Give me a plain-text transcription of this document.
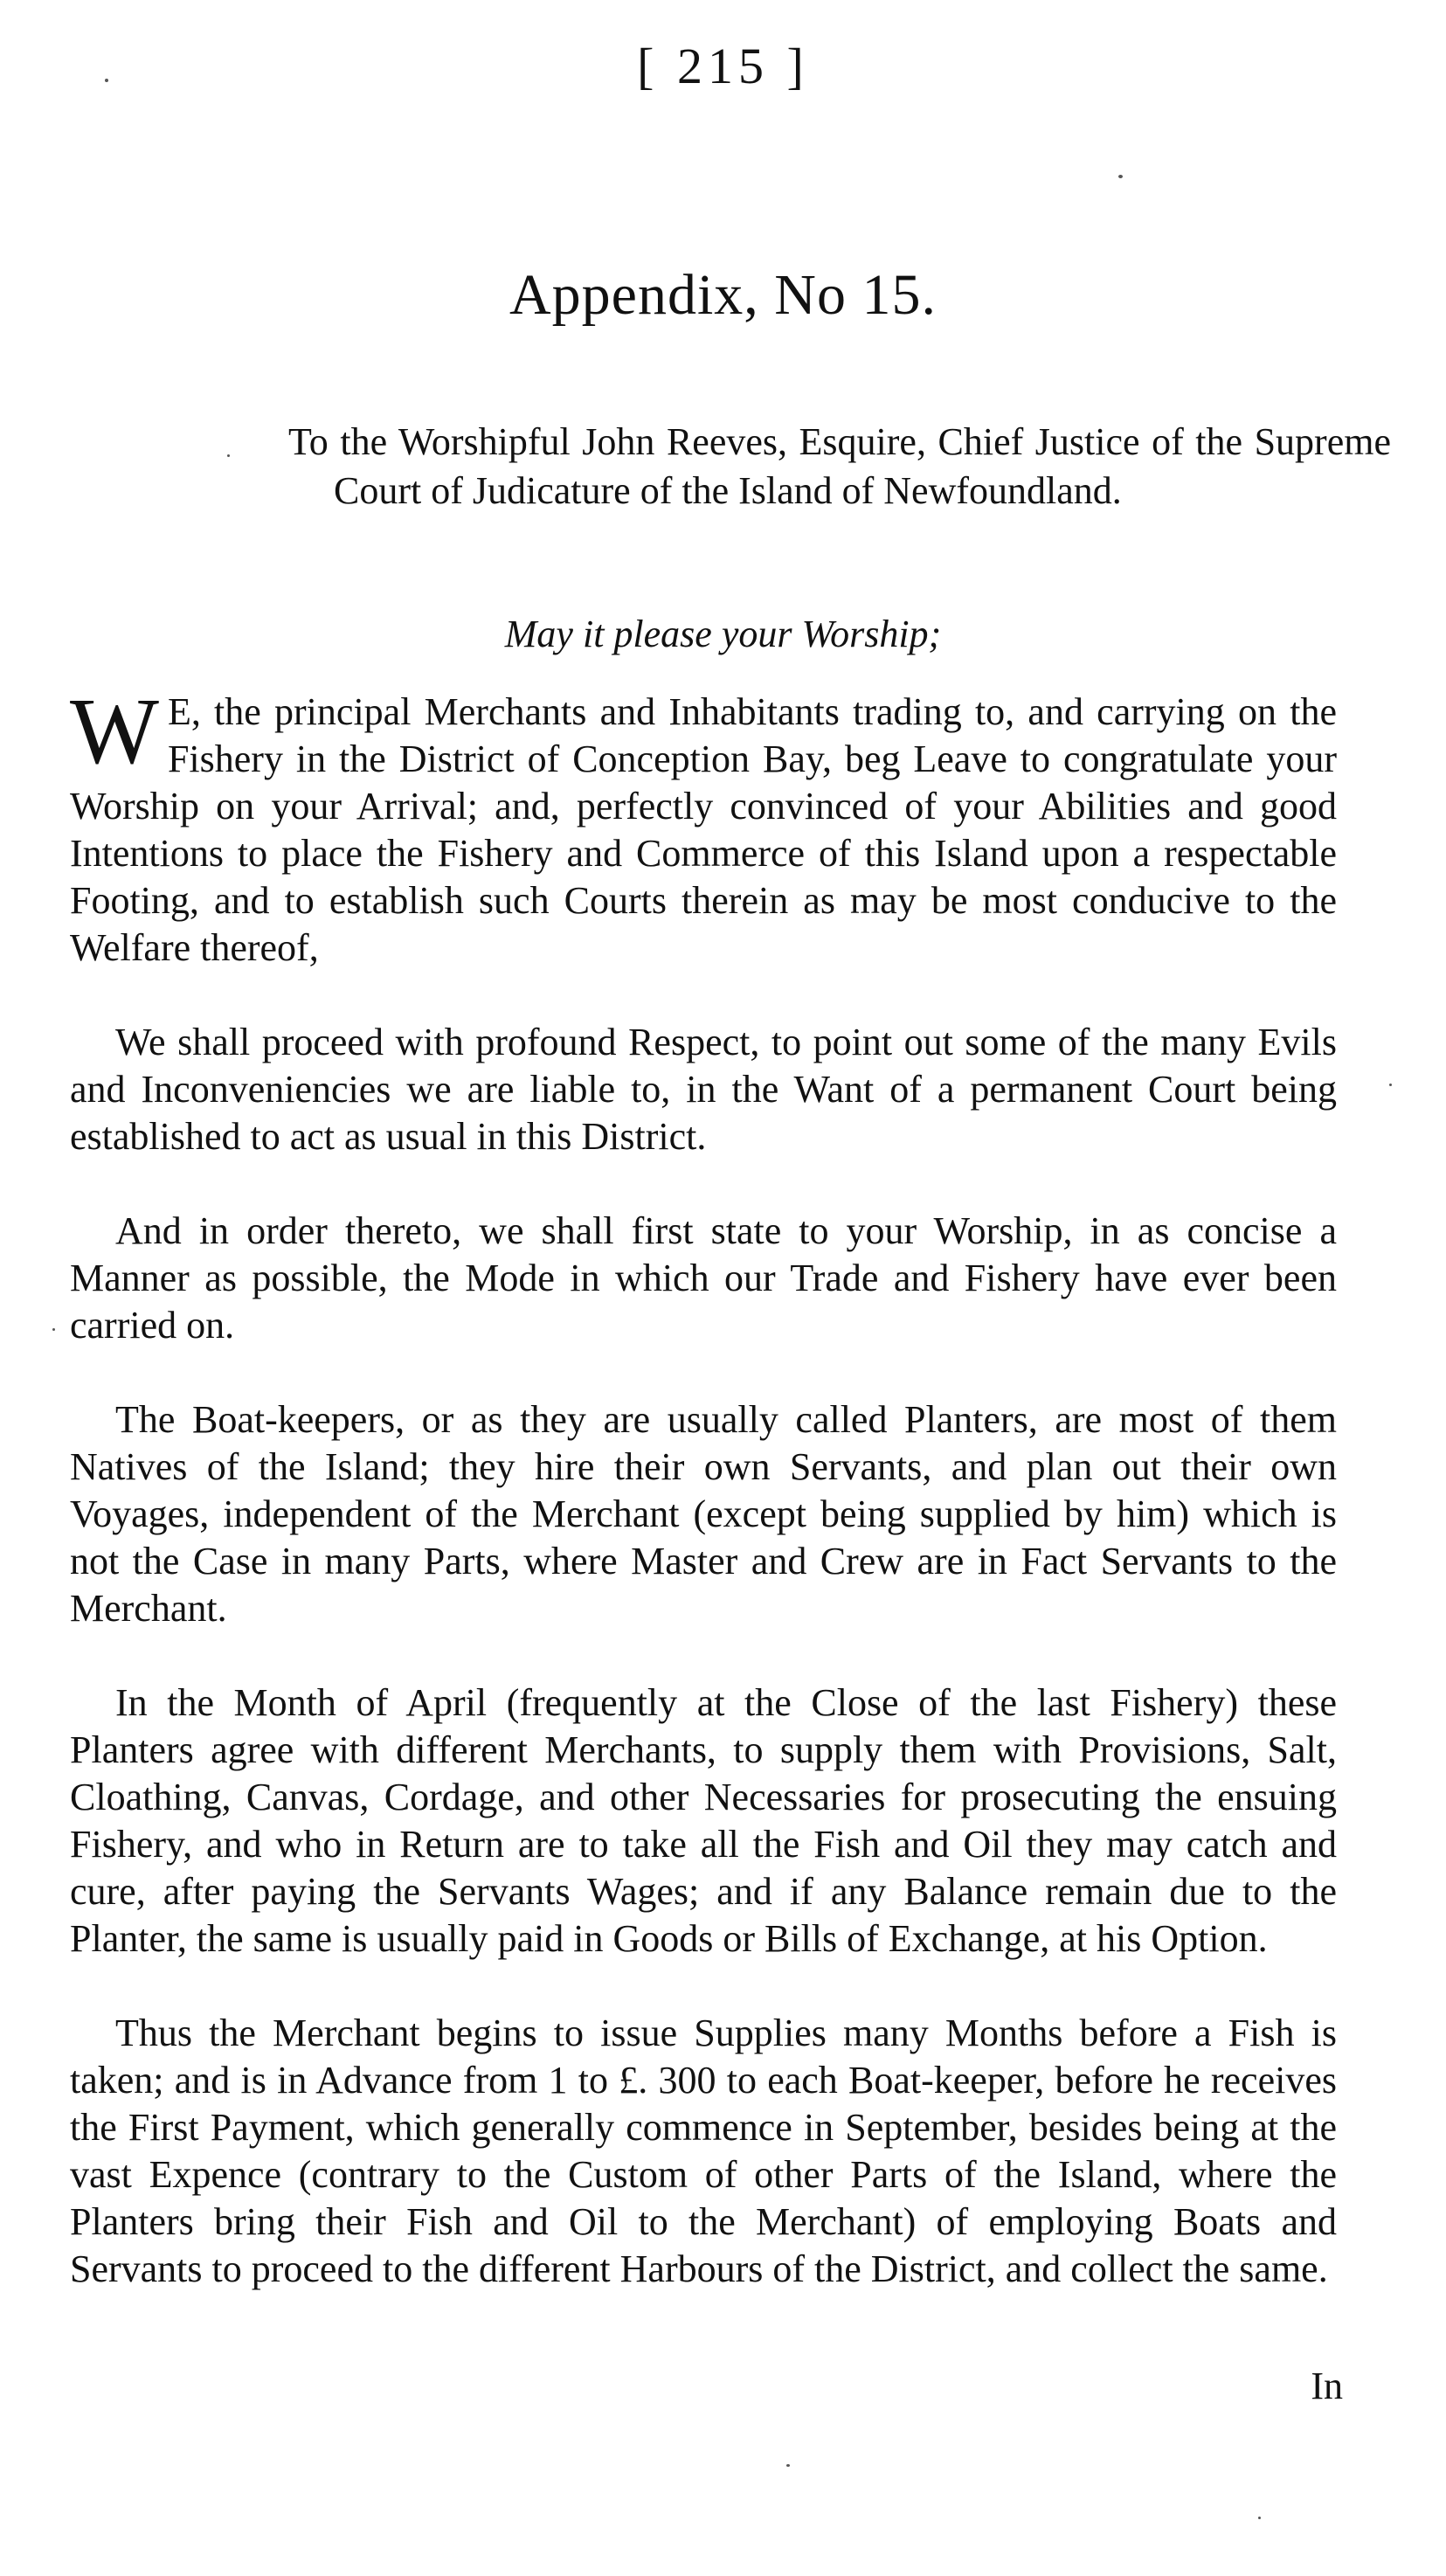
[ 215 ]
Appendix, No 15.
To the Worshipful John Reeves, Esquire, Chief Justice of the Supreme Court of Judicature of the Island of Newfoundland.
May it please your Worship;

W E, the principal Merchants and Inhabitants trading to, and carrying on the Fishery in the District of Conception Bay, beg Leave to congratulate your Worship on your Arrival; and, perfectly convinced of your Abilities and good Intentions to place the Fishery and Commerce of this Island upon a respectable Footing, and to establish such Courts therein as may be most conducive to the Welfare thereof,

We shall proceed with profound Respect, to point out some of the many Evils and Inconveniencies we are liable to, in the Want of a permanent Court being established to act as usual in this District.

And in order thereto, we shall first state to your Worship, in as concise a Manner as possible, the Mode in which our Trade and Fishery have ever been carried on.

The Boat-keepers, or as they are usually called Planters, are most of them Natives of the Island; they hire their own Servants, and plan out their own Voyages, independent of the Merchant (except being supplied by him) which is not the Case in many Parts, where Master and Crew are in Fact Servants to the Merchant.

In the Month of April (frequently at the Close of the last Fishery) these Planters agree with different Merchants, to supply them with Provisions, Salt, Cloathing, Canvas, Cordage, and other Necessaries for prosecuting the ensuing Fishery, and who in Return are to take all the Fish and Oil they may catch and cure, after paying the Servants Wages; and if any Balance remain due to the Planter, the same is usually paid in Goods or Bills of Exchange, at his Option.

Thus the Merchant begins to issue Supplies many Months before a Fish is taken; and is in Advance from 1 to £. 300 to each Boat-keeper, before he receives the First Payment, which generally commence in September, besides being at the vast Expence (contrary to the Custom of other Parts of the Island, where the Planters bring their Fish and Oil to the Merchant) of employing Boats and Servants to proceed to the different Harbours of the District, and collect the same.

In
